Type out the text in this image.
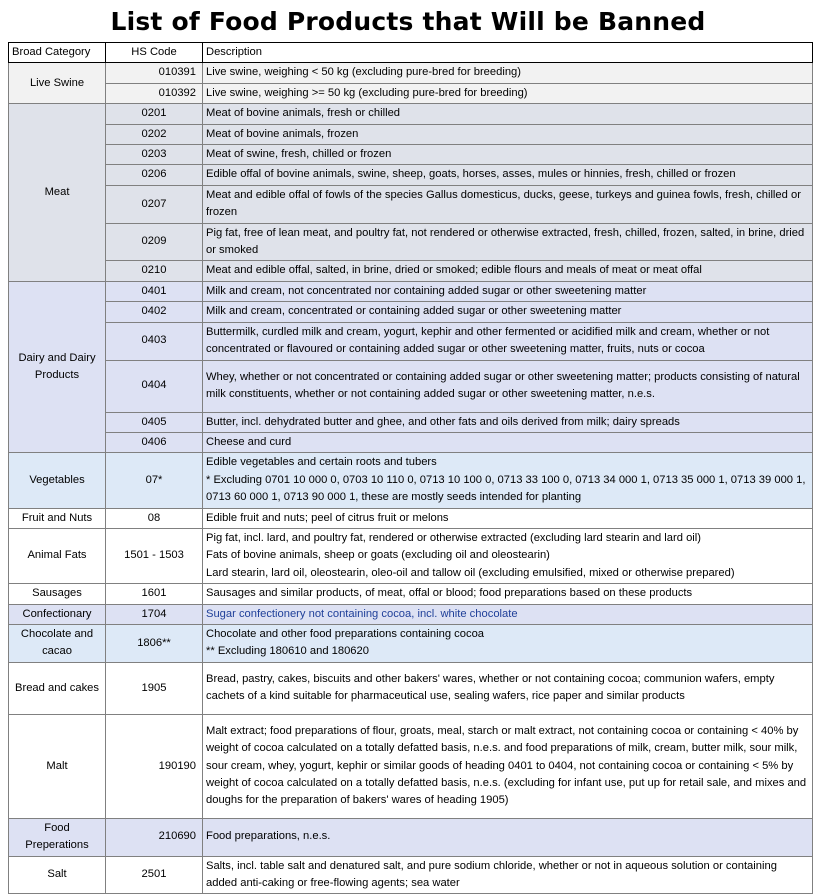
List of Food Products that Will be Banned
Broad Category	HS Code	Description
Live Swine	010391	Live swine, weighing < 50 kg (excluding pure-bred for breeding)

	010392	Live swine, weighing >= 50 kg (excluding pure-bred for breeding)

Meat	0201	Meat of bovine animals, fresh or chilled

	0202	Meat of bovine animals, frozen

	0203	Meat of swine, fresh, chilled or frozen

	0206	Edible offal of bovine animals, swine, sheep, goats, horses, asses, mules or hinnies, fresh, chilled or frozen

	0207	Meat and edible offal of fowls of the species Gallus domesticus, ducks, geese, turkeys and guinea fowls, fresh, chilled or frozen

	0209	Pig fat, free of lean meat, and poultry fat, not rendered or otherwise extracted, fresh, chilled, frozen, salted, in brine, dried or smoked

	0210	Meat and edible offal, salted, in brine, dried or smoked; edible flours and meals of meat or meat offal

Dairy and Dairy Products	0401	Milk and cream, not concentrated nor containing added sugar or other sweetening matter

	0402	Milk and cream, concentrated or containing added sugar or other sweetening matter

	0403	Buttermilk, curdled milk and cream, yogurt, kephir and other fermented or acidified milk and cream, whether or not concentrated or flavoured or containing added sugar or other sweetening matter, fruits, nuts or cocoa

	0404	Whey, whether or not concentrated or containing added sugar or other sweetening matter; products consisting of natural milk constituents, whether or not containing added sugar or other sweetening matter, n.e.s.

	0405	Butter, incl. dehydrated butter and ghee, and other fats and oils derived from milk; dairy spreads

	0406	Cheese and curd

Vegetables	07*	Edible vegetables and certain roots and tubers
* Excluding 0701 10 000 0, 0703 10 110 0, 0713 10 100 0, 0713 33 100 0, 0713 34 000 1, 0713 35 000 1, 0713 39 000 1, 0713 60 000 1, 0713 90 000 1, these are mostly seeds intended for planting

Fruit and Nuts	08	Edible fruit and nuts; peel of citrus fruit or melons

Animal Fats	1501 - 1503	Pig fat, incl. lard, and poultry fat, rendered or otherwise extracted (excluding lard stearin and lard oil)
Fats of bovine animals, sheep or goats (excluding oil and oleostearin)
Lard stearin, lard oil, oleostearin, oleo-oil and tallow oil (excluding emulsified, mixed or otherwise prepared)

Sausages	1601	Sausages and similar products, of meat, offal or blood; food preparations based on these products

Confectionary	1704	Sugar confectionery not containing cocoa, incl. white chocolate

Chocolate and cacao	1806**	Chocolate and other food preparations containing cocoa
** Excluding 180610 and 180620

Bread and cakes	1905	Bread, pastry, cakes, biscuits and other bakers' wares, whether or not containing cocoa; communion wafers, empty cachets of a kind suitable for pharmaceutical use, sealing wafers, rice paper and similar products

Malt	190190	Malt extract; food preparations of flour, groats, meal, starch or malt extract, not containing cocoa or containing < 40% by weight of cocoa calculated on a totally defatted basis, n.e.s. and food preparations of milk, cream, butter milk, sour milk, sour cream, whey, yogurt, kephir or similar goods of heading 0401 to 0404, not containing cocoa or containing < 5% by weight of cocoa calculated on a totally defatted basis, n.e.s. (excluding for infant use, put up for retail sale, and mixes and doughs for the preparation of bakers' wares of heading 1905)

Food Preperations	210690	Food preparations, n.e.s.

Salt	2501	Salts, incl. table salt and denatured salt, and pure sodium chloride, whether or not in aqueous solution or containing added anti-caking or free-flowing agents; sea water
